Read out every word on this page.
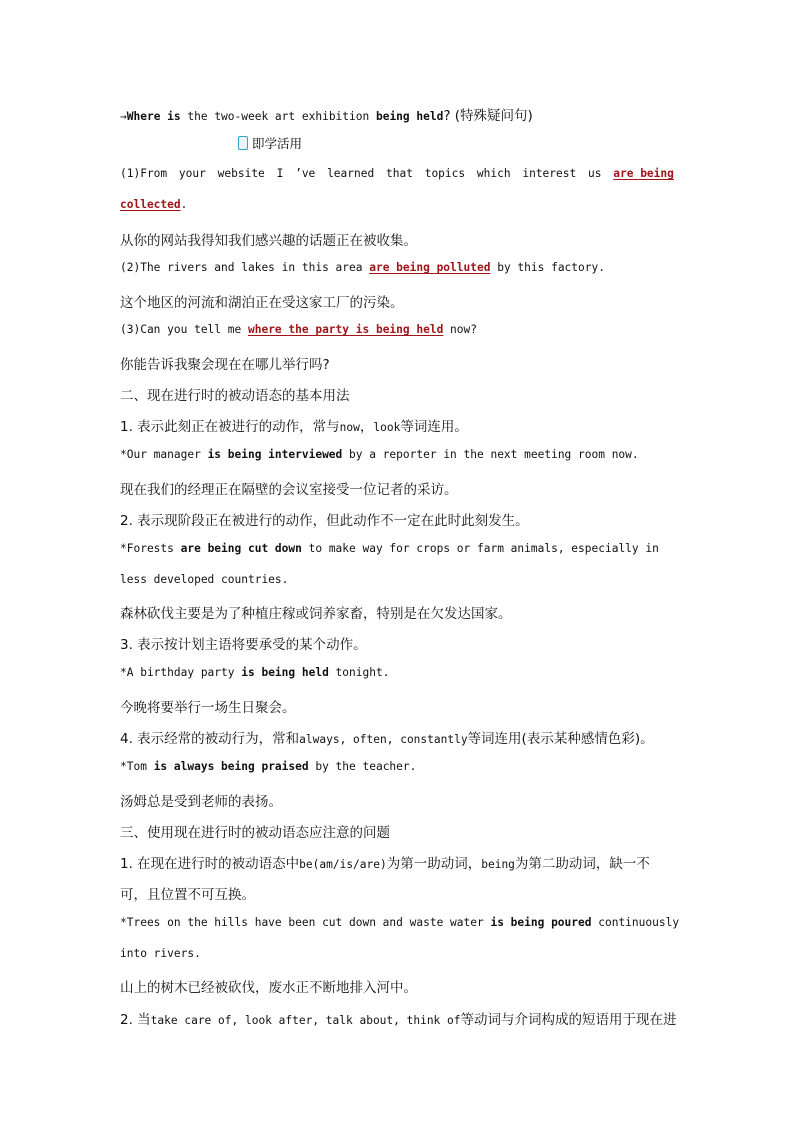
→Where is the two-week art exhibition being held? (特殊疑问句)
即学活用
(1)From your website I ’ve learned that topics which interest us are being
collected.
从你的网站我得知我们感兴趣的话题正在被收集。
(2)The rivers and lakes in this area are being polluted by this factory.
这个地区的河流和湖泊正在受这家工厂的污染。
(3)Can you tell me where the party is being held now?
你能告诉我聚会现在在哪儿举行吗?
二、现在进行时的被动语态的基本用法
1. 表示此刻正在被进行的动作，常与now，look等词连用。
*Our manager is being interviewed by a reporter in the next meeting room now.
现在我们的经理正在隔壁的会议室接受一位记者的采访。
2. 表示现阶段正在被进行的动作，但此动作不一定在此时此刻发生。
*Forests are being cut down to make way for crops or farm animals, especially in
less developed countries.
森林砍伐主要是为了种植庄稼或饲养家畜，特别是在欠发达国家。
3. 表示按计划主语将要承受的某个动作。
*A birthday party is being held tonight.
今晚将要举行一场生日聚会。
4. 表示经常的被动行为，常和always, often, constantly等词连用(表示某种感情色彩)。
*Tom is always being praised by the teacher.
汤姆总是受到老师的表扬。
三、使用现在进行时的被动语态应注意的问题
1. 在现在进行时的被动语态中be(am/is/are)为第一助动词，being为第二助动词，缺一不
可，且位置不可互换。
*Trees on the hills have been cut down and waste water is being poured continuously
into rivers.
山上的树木已经被砍伐，废水正不断地排入河中。
2. 当take care of, look after, talk about, think of等动词与介词构成的短语用于现在进
